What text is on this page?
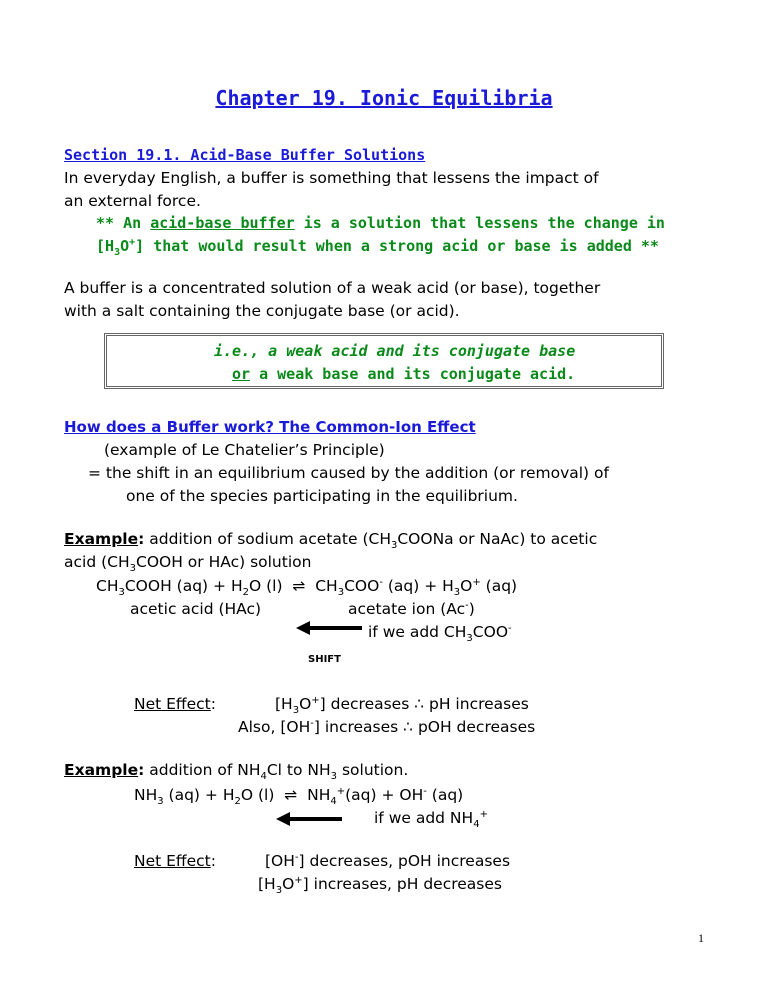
Chapter 19. Ionic Equilibria
Section 19.1. Acid-Base Buffer Solutions
In everyday English, a buffer is something that lessens the impact of
an external force.
** An acid-base buffer is a solution that lessens the change in
$[H_3O^+]$ that would result when a strong acid or base is added **
A buffer is a concentrated solution of a weak acid (or base), together
with a salt containing the conjugate base (or acid).
i.e., a weak acid and its conjugate base
or a weak base and its conjugate acid.
How does a Buffer work? The Common-Ion Effect
(example of Le Chatelier’s Principle)
= the shift in an equilibrium caused by the addition (or removal) of
one of the species participating in the equilibrium.
Example: addition of sodium acetate ($CH_3COONa$ or NaAc) to acetic
acid ($CH_3COOH$ or HAc) solution
$CH_3COOH$ $(aq) + H_2O$ (l) ⇌ $CH_3COO^-$ $(aq) + H_3O^+$ (aq)
acetic acid (HAc)	acetate ion (Ac-)
if we add $CH_3COO^-$
SHIFT
Net Effect:	$[H_3O^+]$ decreases ∴ pH increases
Also, [OH-] increases ∴ pOH decreases
Example: addition of $NH_4Cl$ to $NH_3$ solution.
$NH_3$ $(aq) + H_2O$ (l) ⇌ $NH_4^+(aq) + OH^-$ (aq)
if we add $NH_4^+$
Net Effect:	[OH-] decreases, pOH increases
$[H_3O^+]$ increases, pH decreases
1
